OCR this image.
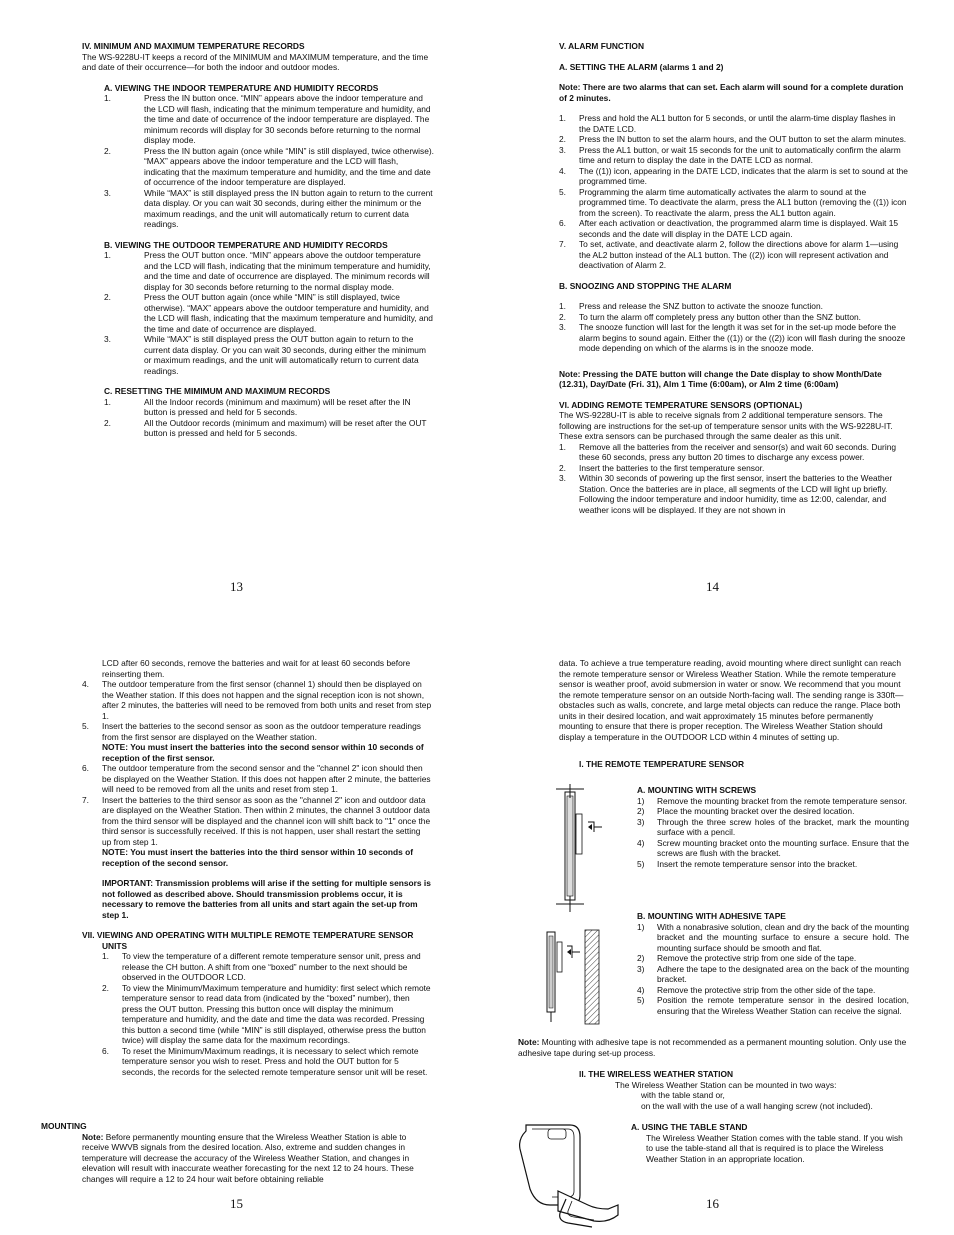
IV. MINIMUM AND MAXIMUM TEMPERATURE RECORDS

The WS-9228U-IT keeps a record of the MINIMUM and MAXIMUM temperature, and the time and date of their occurrence—for both the indoor and outdoor modes.

A. VIEWING THE INDOOR TEMPERATURE AND HUMIDITY RECORDS

1.	Press the IN button once. “MIN” appears above the indoor temperature and the LCD will flash, indicating that the minimum temperature and humidity, and the time and date of occurrence of the indoor temperature are displayed. The minimum records will display for 30 seconds before returning to the normal display mode.
2.	Press the IN button again (once while “MIN” is still displayed, twice otherwise). “MAX” appears above the indoor temperature and the LCD will flash, indicating that the maximum temperature and humidity, and the time and date of occurrence of the indoor temperature are displayed.
3.	While “MAX” is still displayed press the IN button again to return to the current data display. Or you can wait 30 seconds, during either the minimum or the maximum readings, and the unit will automatically return to current data readings.

B. VIEWING THE OUTDOOR TEMPERATURE AND HUMIDITY RECORDS

1.	Press the OUT button once. “MIN” appears above the outdoor temperature and the LCD will flash, indicating that the minimum temperature and humidity, and the time and date of occurrence are displayed. The minimum records will display for 30 seconds before returning to the normal display mode.
2.	Press the OUT button again (once while “MIN” is still displayed, twice otherwise). “MAX” appears above the outdoor temperature and humidity, and the LCD will flash, indicating that the maximum temperature and humidity, and the time and date of occurrence are displayed.
3.	While “MAX” is still displayed press the OUT button again to return to the current data display. Or you can wait 30 seconds, during either the minimum or maximum readings, and the unit will automatically return to current data readings.

C. RESETTING THE MIMIMUM AND MAXIMUM RECORDS

1.	All the Indoor records (minimum and maximum) will be reset after the IN button is pressed and held for 5 seconds.
2.	All the Outdoor records (minimum and maximum) will be reset after the OUT button is pressed and held for 5 seconds.
13

V. ALARM FUNCTION

A. SETTING THE ALARM (alarms 1 and 2)

Note: There are two alarms that can set. Each alarm will sound for a complete duration of 2 minutes.

1. Press and hold the AL1 button for 5 seconds, or until the alarm-time display flashes in the DATE LCD.
2. Press the IN button to set the alarm hours, and the OUT button to set the alarm minutes.
3. Press the AL1 button, or wait 15 seconds for the unit to automatically confirm the alarm time and return to display the date in the DATE LCD as normal.
4. The ((1)) icon, appearing in the DATE LCD, indicates that the alarm is set to sound at the programmed time.
5. Programming the alarm time automatically activates the alarm to sound at the programmed time. To deactivate the alarm, press the AL1 button (removing the ((1)) icon from the screen). To reactivate the alarm, press the AL1 button again.
6. After each activation or deactivation, the programmed alarm time is displayed. Wait 15 seconds and the date will display in the DATE LCD again.
7. To set, activate, and deactivate alarm 2, follow the directions above for alarm 1—using the AL2 button instead of the AL1 button. The ((2)) icon will represent activation and deactivation of Alarm 2.

B. SNOOZING AND STOPPING THE ALARM

1. Press and release the SNZ button to activate the snooze function.
2. To turn the alarm off completely press any button other than the SNZ button.
3. The snooze function will last for the length it was set for in the set-up mode before the alarm begins to sound again. Either the ((1)) or the ((2)) icon will flash during the snooze mode depending on which of the alarms is in the snooze mode.

Note: Pressing the DATE button will change the Date display to show Month/Date (12.31), Day/Date (Fri. 31), Alm 1 Time (6:00am), or Alm 2 time (6:00am)

VI. ADDING REMOTE TEMPERATURE SENSORS (OPTIONAL)

The WS-9228U-IT is able to receive signals from 2 additional temperature sensors. The following are instructions for the set-up of temperature sensor units with the WS-9228U-IT. These extra sensors can be purchased through the same dealer as this unit.

1. Remove all the batteries from the receiver and sensor(s) and wait 60 seconds. During these 60 seconds, press any button 20 times to discharge any excess power.
2. Insert the batteries to the first temperature sensor.
3. Within 30 seconds of powering up the first sensor, insert the batteries to the Weather Station. Once the batteries are in place, all segments of the LCD will light up briefly. Following the indoor temperature and indoor humidity, time as 12:00, calendar, and weather icons will be displayed. If they are not shown in
14

LCD after 60 seconds, remove the batteries and wait for at least 60 seconds before reinserting them.

4. The outdoor temperature from the first sensor (channel 1) should then be displayed on the Weather station. If this does not happen and the signal reception icon is not shown, after 2 minutes, the batteries will need to be removed from both units and reset from step 1.
5. Insert the batteries to the second sensor as soon as the outdoor temperature readings from the first sensor are displayed on the Weather station.
NOTE: You must insert the batteries into the second sensor within 10 seconds of reception of the first sensor.
6. The outdoor temperature from the second sensor and the "channel 2" icon should then be displayed on the Weather Station. If this does not happen after 2 minute, the batteries will need to be removed from all the units and reset from step 1.
7. Insert the batteries to the third sensor as soon as the "channel 2" icon and outdoor data are displayed on the Weather Station. Then within 2 minutes, the channel 3 outdoor data from the third sensor will be displayed and the channel icon will shift back to "1" once the third sensor is successfully received. If this is not happen, user shall restart the setting up from step 1.
NOTE: You must insert the batteries into the third sensor within 10 seconds of reception of the second sensor.

IMPORTANT: Transmission problems will arise if the setting for multiple sensors is not followed as described above. Should transmission problems occur, it is necessary to remove the batteries from all units and start again the set-up from step 1.

VII. VIEWING AND OPERATING WITH MULTIPLE REMOTE TEMPERATURE SENSOR UNITS

1. To view the temperature of a different remote temperature sensor unit, press and release the CH button. A shift from one “boxed” number to the next should be observed in the OUTDOOR LCD.
2. To view the Minimum/Maximum temperature and humidity: first select which remote temperature sensor to read data from (indicated by the “boxed” number), then press the OUT button. Pressing this button once will display the minimum temperature and humidity, and the date and time the data was recorded. Pressing this button a second time (while “MIN” is still displayed, otherwise press the button twice) will display the same data for the maximum recordings.
6. To reset the Minimum/Maximum readings, it is necessary to select which remote temperature sensor you wish to reset. Press and hold the OUT button for 5 seconds, the records for the selected remote temperature sensor unit will be reset.

MOUNTING

Note: Before permanently mounting ensure that the Wireless Weather Station is able to receive WWVB signals from the desired location. Also, extreme and sudden changes in temperature will decrease the accuracy of the Wireless Weather Station, and changes in elevation will result with inaccurate weather forecasting for the next 12 to 24 hours. These changes will require a 12 to 24 hour wait before obtaining reliable

15

data. To achieve a true temperature reading, avoid mounting where direct sunlight can reach the remote temperature sensor or Wireless Weather Station. While the remote temperature sensor is weather proof, avoid submersion in water or snow. We recommend that you mount the remote temperature sensor on an outside North-facing wall. The sending range is 330ft—obstacles such as walls, concrete, and large metal objects can reduce the range. Place both units in their desired location, and wait approximately 15 minutes before permanently mounting to ensure that there is proper reception. The Wireless Weather Station should display a temperature in the OUTDOOR LCD within 4 minutes of setting up.

I. THE REMOTE TEMPERATURE SENSOR

A. MOUNTING WITH SCREWS

1) Remove the mounting bracket from the remote temperature sensor.
2) Place the mounting bracket over the desired location.
3) Through the three screw holes of the bracket, mark the mounting surface with a pencil.
4) Screw mounting bracket onto the mounting surface. Ensure that the screws are flush with the bracket.
5) Insert the remote temperature sensor into the bracket.

B. MOUNTING WITH ADHESIVE TAPE

1) With a nonabrasive solution, clean and dry the back of the mounting bracket and the mounting surface to ensure a secure hold. The mounting surface should be smooth and flat.
2) Remove the protective strip from one side of the tape.
3) Adhere the tape to the designated area on the back of the mounting bracket.
4) Remove the protective strip from the other side of the tape.
5) Position the remote temperature sensor in the desired location, ensuring that the Wireless Weather Station can receive the signal.

Note: Mounting with adhesive tape is not recommended as a permanent mounting solution. Only use the adhesive tape during set-up process.

II. THE WIRELESS WEATHER STATION

The Wireless Weather Station can be mounted in two ways:

with the table stand or,

on the wall with the use of a wall hanging screw (not included).

A. USING THE TABLE STAND

The Wireless Weather Station comes with the table stand. If you wish to use the table-stand all that is required is to place the Wireless Weather Station in an appropriate location.

16
